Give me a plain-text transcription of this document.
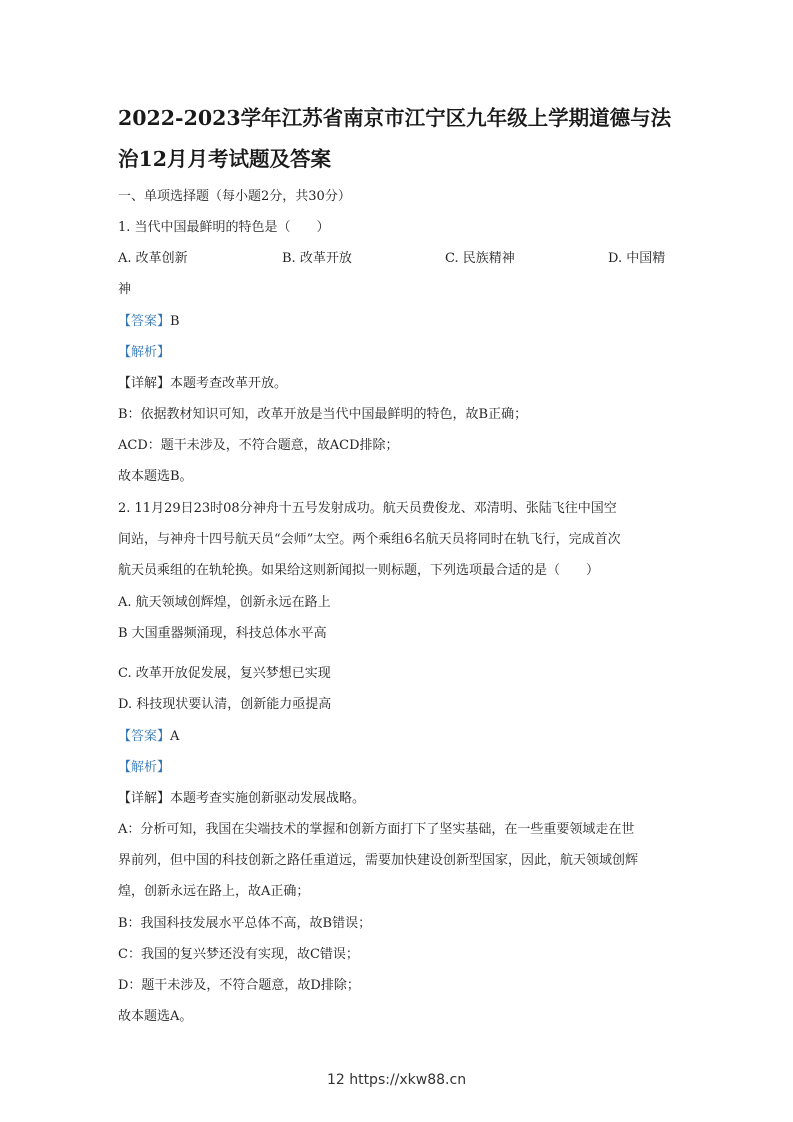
2022-2023学年江苏省南京市江宁区九年级上学期道德与法
治12月月考试题及答案
一、单项选择题（每小题2分，共30分）
1. 当代中国最鲜明的特色是（　　）
A. 改革创新	B. 改革开放	C. 民族精神	D. 中国精
神
【答案】B
【解析】
【详解】本题考查改革开放。
B：依据教材知识可知，改革开放是当代中国最鲜明的特色，故B正确；
ACD：题干未涉及，不符合题意，故ACD排除；
故本题选B。
2. 11月29日23时08分神舟十五号发射成功。航天员费俊龙、邓清明、张陆飞往中国空
间站，与神舟十四号航天员“会师”太空。两个乘组6名航天员将同时在轨飞行，完成首次
航天员乘组的在轨轮换。如果给这则新闻拟一则标题，下列选项最合适的是（　　）
A. 航天领域创辉煌，创新永远在路上
B 大国重器频涌现，科技总体水平高
C. 改革开放促发展，复兴梦想已实现
D. 科技现状要认清，创新能力亟提高
【答案】A
【解析】
【详解】本题考查实施创新驱动发展战略。
A：分析可知，我国在尖端技术的掌握和创新方面打下了坚实基础，在一些重要领域走在世
界前列，但中国的科技创新之路任重道远，需要加快建设创新型国家，因此，航天领域创辉
煌，创新永远在路上，故A正确；
B：我国科技发展水平总体不高，故B错误；
C：我国的复兴梦还没有实现，故C错误；
D：题干未涉及，不符合题意，故D排除；
故本题选A。
12 https://xkw88.cn
